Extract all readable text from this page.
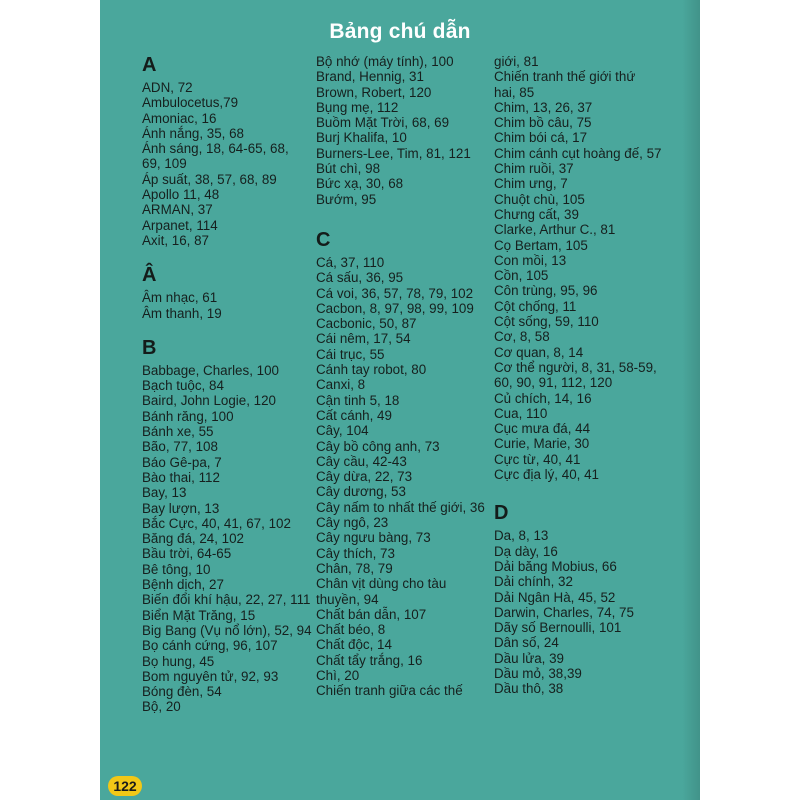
Bảng chú dẫn
A
ADN, 72
Ambulocetus,79
Amoniac, 16
Ánh nắng, 35, 68
Ánh sáng, 18, 64-65, 68,
69, 109
Áp suất, 38, 57, 68, 89
Apollo 11, 48
ARMAN, 37
Arpanet, 114
Axit, 16, 87
Â
Âm nhạc, 61
Âm thanh, 19
B
Babbage, Charles, 100
Bạch tuộc, 84
Baird, John Logie, 120
Bánh răng, 100
Bánh xe, 55
Bão, 77, 108
Báo Gê-pa, 7
Bào thai, 112
Bay, 13
Bay lượn, 13
Bắc Cực, 40, 41, 67, 102
Băng đá, 24, 102
Bầu trời, 64-65
Bê tông, 10
Bệnh dịch, 27
Biến đổi khí hậu, 22, 27, 111
Biển Mặt Trăng, 15
Big Bang (Vụ nổ lớn), 52, 94
Bọ cánh cứng, 96, 107
Bọ hung, 45
Bom nguyên tử, 92, 93
Bóng đèn, 54
Bộ, 20
Bộ nhớ (máy tính), 100
Brand, Hennig, 31
Brown, Robert, 120
Bụng mẹ, 112
Buồm Mặt Trời, 68, 69
Burj Khalifa, 10
Burners-Lee, Tim, 81, 121
Bút chì, 98
Bức xạ, 30, 68
Bướm, 95
C
Cá, 37, 110
Cá sấu, 36, 95
Cá voi, 36, 57, 78, 79, 102
Cacbon, 8, 97, 98, 99, 109
Cacbonic, 50, 87
Cái nêm, 17, 54
Cái trục, 55
Cánh tay robot, 80
Canxi, 8
Cận tinh 5, 18
Cất cánh, 49
Cây, 104
Cây bồ công anh, 73
Cây cầu, 42-43
Cây dừa, 22, 73
Cây dương, 53
Cây nấm to nhất thế giới, 36
Cây ngô, 23
Cây ngưu bàng, 73
Cây thích, 73
Chân, 78, 79
Chân vịt dùng cho tàu
thuyền, 94
Chất bán dẫn, 107
Chất béo, 8
Chất độc, 14
Chất tẩy trắng, 16
Chì, 20
Chiến tranh giữa các thế
giới, 81
Chiến tranh thế giới thứ
hai, 85
Chim, 13, 26, 37
Chim bồ câu, 75
Chim bói cá, 17
Chim cánh cụt hoàng đế, 57
Chim ruồi, 37
Chim ưng, 7
Chuột chù, 105
Chưng cất, 39
Clarke, Arthur C., 81
Cọ Bertam, 105
Con mồi, 13
Cồn, 105
Côn trùng, 95, 96
Cột chống, 11
Cột sống, 59, 110
Cơ, 8, 58
Cơ quan, 8, 14
Cơ thể người, 8, 31, 58-59,
60, 90, 91, 112, 120
Củ chích, 14, 16
Cua, 110
Cục mưa đá, 44
Curie, Marie, 30
Cực từ, 40, 41
Cực địa lý, 40, 41
D
Da, 8, 13
Dạ dày, 16
Dải băng Mobius, 66
Dải chính, 32
Dải Ngân Hà, 45, 52
Darwin, Charles, 74, 75
Dãy số Bernoulli, 101
Dân số, 24
Dầu lửa, 39
Dầu mỏ, 38,39
Dầu thô, 38
122
